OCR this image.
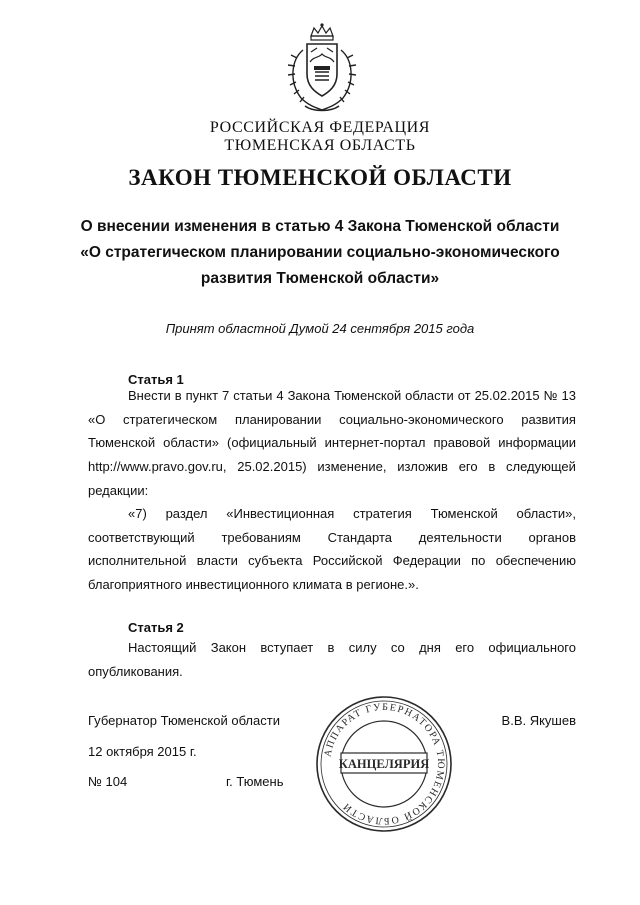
РОССИЙСКАЯ ФЕДЕРАЦИЯ
ТЮМЕНСКАЯ ОБЛАСТЬ
ЗАКОН ТЮМЕНСКОЙ ОБЛАСТИ
О внесении изменения в статью 4 Закона Тюменской области
«О стратегическом планировании социально-экономического
развития Тюменской области»
Принят областной Думой 24 сентября 2015 года
Статья 1
Внести в пункт 7 статьи 4 Закона Тюменской области от 25.02.2015 № 13
«О стратегическом планировании социально-экономического развития
Тюменской области» (официальный интернет-портал правовой информации
http://www.pravo.gov.ru, 25.02.2015) изменение, изложив его в следующей
редакции:
«7) раздел «Инвестиционная стратегия Тюменской области»,
соответствующий требованиям Стандарта деятельности органов
исполнительной власти субъекта Российской Федерации по обеспечению
благоприятного инвестиционного климата в регионе.».
Статья 2
Настоящий Закон вступает в силу со дня его официального
опубликования.
АППАРАТ ГУБЕРНАТОРА ТЮМЕНСКОЙ ОБЛАСТИ
КАНЦЕЛЯРИЯ
Губернатор Тюменской области	В.В. Якушев
12 октября 2015 г.
№ 104	г. Тюмень
